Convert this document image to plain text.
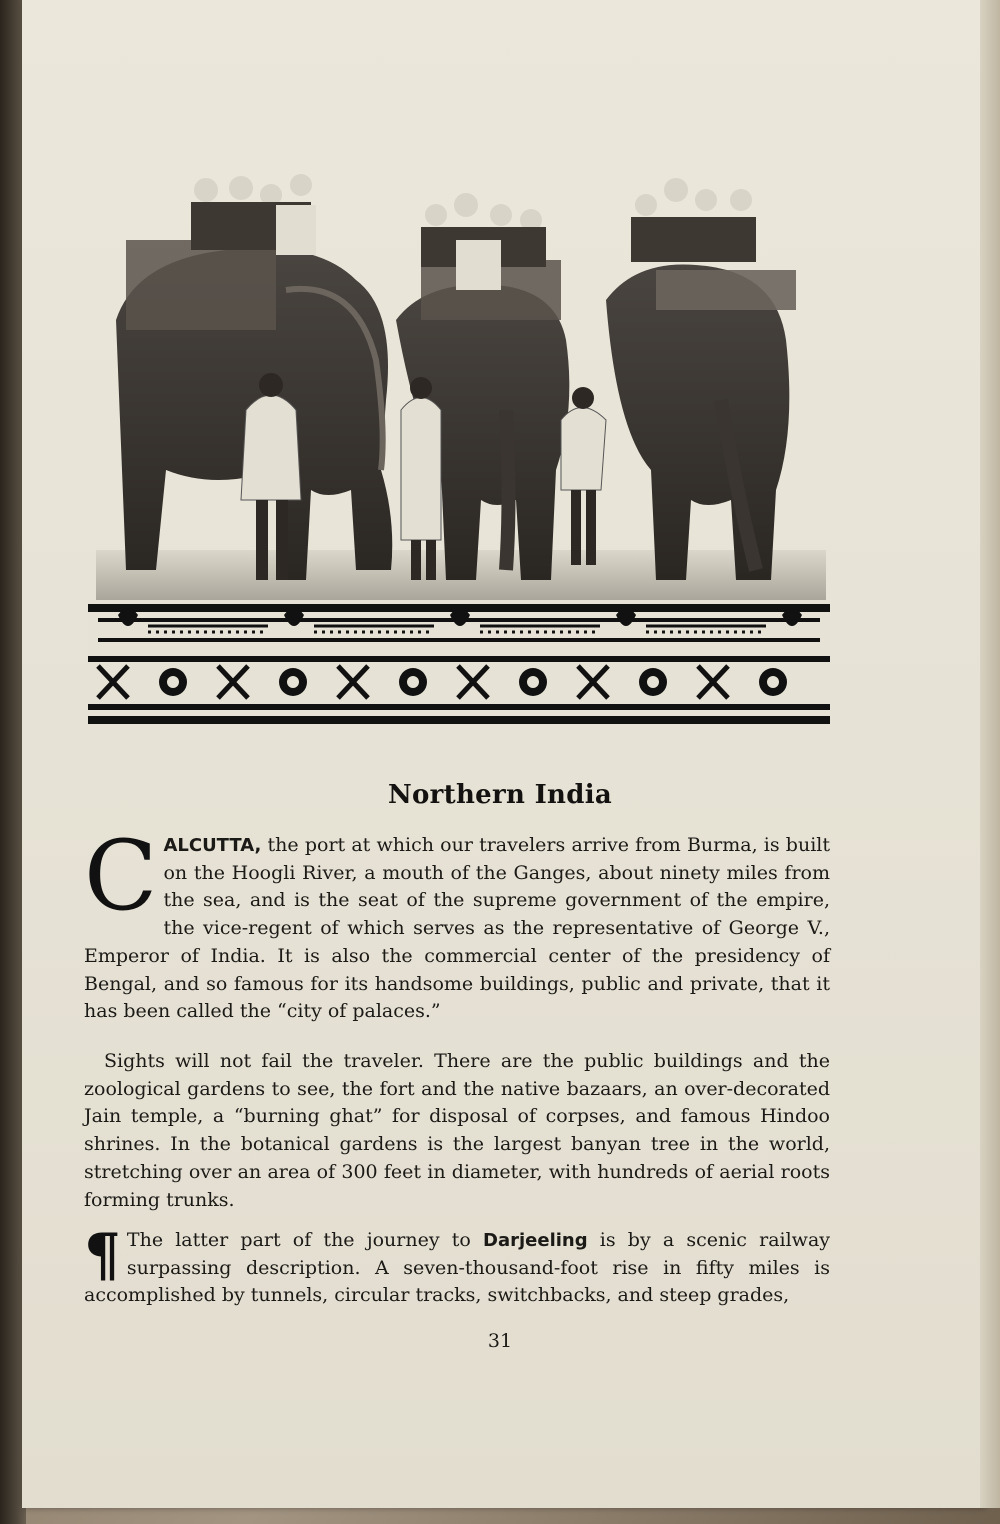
Northern India
CALCUTTA, the port at which our travelers arrive from Burma, is built on the Hoogli River, a mouth of the Ganges, about ninety miles from the sea, and is the seat of the supreme government of the empire, the vice-regent of which serves as the representative of George V., Emperor of India. It is also the commercial center of the presidency of Bengal, and so famous for its handsome buildings, public and private, that it has been called the “city of palaces.”
Sights will not fail the traveler. There are the public buildings and the zoological gardens to see, the fort and the native bazaars, an over-decorated Jain temple, a “burning ghat” for disposal of corpses, and famous Hindoo shrines. In the botanical gardens is the largest banyan tree in the world, stretching over an area of 300 feet in diameter, with hundreds of aerial roots forming trunks.
¶ The latter part of the journey to Darjeeling is by a scenic railway surpassing description. A seven-thousand-foot rise in fifty miles is accomplished by tunnels, circular tracks, switchbacks, and steep grades,
31
